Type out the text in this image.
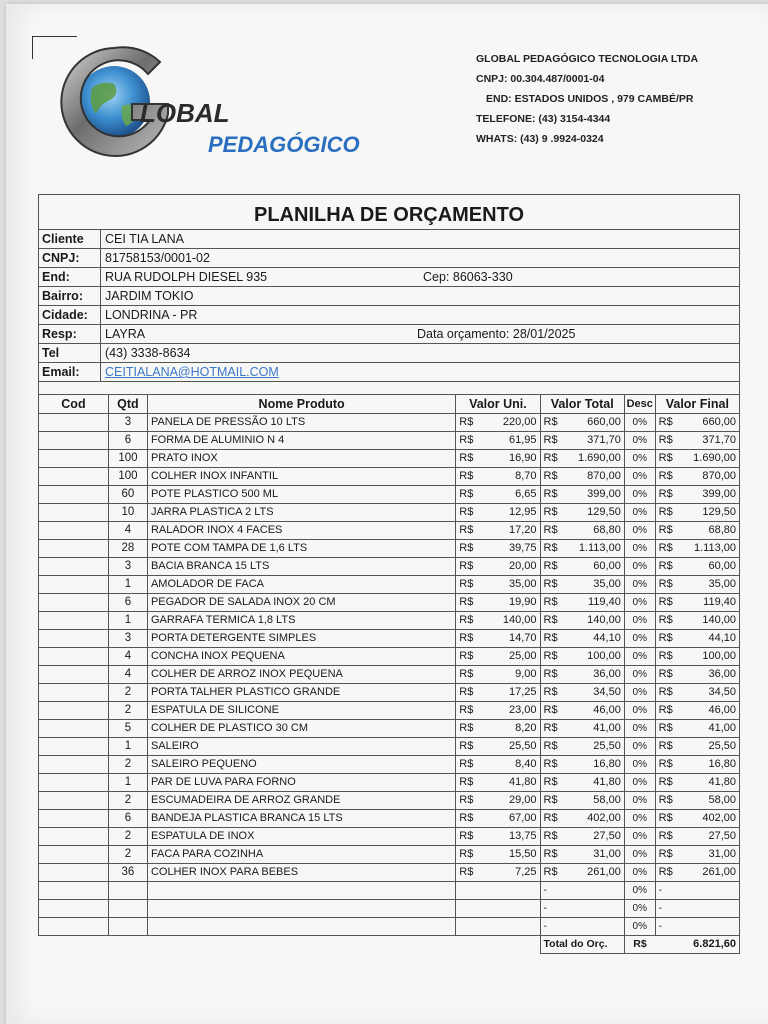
LOBAL
PEDAGÓGICO
GLOBAL PEDAGÓGICO TECNOLOGIA LTDA
CNPJ: 00.304.487/0001-04
END: ESTADOS UNIDOS , 979 CAMBÉ/PR
TELEFONE: (43) 3154-4344
WHATS: (43) 9 .9924-0324
PLANILHA DE ORÇAMENTO
Cliente	CEI TIA LANA
CNPJ:	81758153/0001-02
End:	RUA RUDOLPH DIESEL 935	Cep: 86063-330
Bairro:	JARDIM TOKIO
Cidade:	LONDRINA - PR
Resp:	LAYRA	Data orçamento: 28/01/2025
Tel	(43) 3338-8634
Email:	CEITIALANA@HOTMAIL.COM
Cod	Qtd	Nome Produto	Valor Uni.		Valor Total		Desc	Valor Final	
	3	PANELA DE PRESSÃO 10 LTS	R$	220,00	R$	660,00	0%	R$	660,00
	6	FORMA DE ALUMINIO N 4	R$	61,95	R$	371,70	0%	R$	371,70
	100	PRATO INOX	R$	16,90	R$	1.690,00	0%	R$	1.690,00
	100	COLHER INOX INFANTIL	R$	8,70	R$	870,00	0%	R$	870,00
	60	POTE PLASTICO 500 ML	R$	6,65	R$	399,00	0%	R$	399,00
	10	JARRA PLASTICA 2 LTS	R$	12,95	R$	129,50	0%	R$	129,50
	4	RALADOR INOX 4 FACES	R$	17,20	R$	68,80	0%	R$	68,80
	28	POTE COM TAMPA DE 1,6 LTS	R$	39,75	R$	1.113,00	0%	R$	1.113,00
	3	BACIA BRANCA 15 LTS	R$	20,00	R$	60,00	0%	R$	60,00
	1	AMOLADOR DE FACA	R$	35,00	R$	35,00	0%	R$	35,00
	6	PEGADOR DE SALADA INOX 20 CM	R$	19,90	R$	119,40	0%	R$	119,40
	1	GARRAFA TERMICA 1,8 LTS	R$	140,00	R$	140,00	0%	R$	140,00
	3	PORTA DETERGENTE SIMPLES	R$	14,70	R$	44,10	0%	R$	44,10
	4	CONCHA INOX PEQUENA	R$	25,00	R$	100,00	0%	R$	100,00
	4	COLHER DE ARROZ INOX PEQUENA	R$	9,00	R$	36,00	0%	R$	36,00
	2	PORTA TALHER PLASTICO GRANDE	R$	17,25	R$	34,50	0%	R$	34,50
	2	ESPATULA DE SILICONE	R$	23,00	R$	46,00	0%	R$	46,00
	5	COLHER DE PLASTICO 30 CM	R$	8,20	R$	41,00	0%	R$	41,00
	1	SALEIRO	R$	25,50	R$	25,50	0%	R$	25,50
	2	SALEIRO PEQUENO	R$	8,40	R$	16,80	0%	R$	16,80
	1	PAR DE LUVA PARA FORNO	R$	41,80	R$	41,80	0%	R$	41,80
	2	ESCUMADEIRA DE ARROZ GRANDE	R$	29,00	R$	58,00	0%	R$	58,00
	6	BANDEJA PLASTICA BRANCA 15 LTS	R$	67,00	R$	402,00	0%	R$	402,00
	2	ESPATULA DE INOX	R$	13,75	R$	27,50	0%	R$	27,50
	2	FACA PARA COZINHA	R$	15,50	R$	31,00	0%	R$	31,00
	36	COLHER INOX PARA BEBES	R$	7,25	R$	261,00	0%	R$	261,00
					-		0%	-	
					-		0%	-	
					-		0%	-	
					Total do Orç.		R$	6.821,60	
